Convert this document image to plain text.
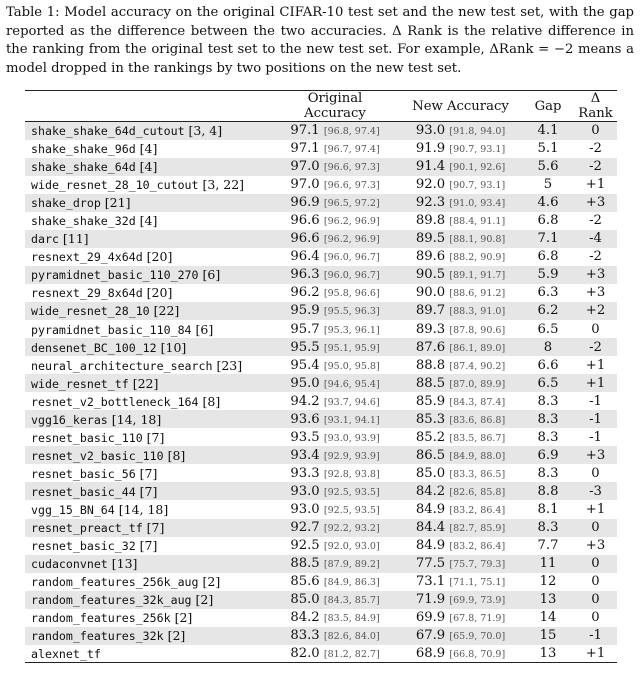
Table 1: Model accuracy on the original CIFAR-10 test set and the new test set, with the gap reported as the difference between the two accuracies. Δ Rank is the relative difference in the ranking from the original test set to the new test set. For example, ΔRank = −2 means a model dropped in the rankings by two positions on the new test set.
	Original Accuracy	New Accuracy	Gap	Δ Rank
shake_shake_64d_cutout [3, 4]	97.1 [96.8, 97.4]	93.0 [91.8, 94.0]	4.1	0
shake_shake_96d [4]	97.1 [96.7, 97.4]	91.9 [90.7, 93.1]	5.1	-2
shake_shake_64d [4]	97.0 [96.6, 97.3]	91.4 [90.1, 92.6]	5.6	-2
wide_resnet_28_10_cutout [3, 22]	97.0 [96.6, 97.3]	92.0 [90.7, 93.1]	5	+1
shake_drop [21]	96.9 [96.5, 97.2]	92.3 [91.0, 93.4]	4.6	+3
shake_shake_32d [4]	96.6 [96.2, 96.9]	89.8 [88.4, 91.1]	6.8	-2
darc [11]	96.6 [96.2, 96.9]	89.5 [88.1, 90.8]	7.1	-4
resnext_29_4x64d [20]	96.4 [96.0, 96.7]	89.6 [88.2, 90.9]	6.8	-2
pyramidnet_basic_110_270 [6]	96.3 [96.0, 96.7]	90.5 [89.1, 91.7]	5.9	+3
resnext_29_8x64d [20]	96.2 [95.8, 96.6]	90.0 [88.6, 91.2]	6.3	+3
wide_resnet_28_10 [22]	95.9 [95.5, 96.3]	89.7 [88.3, 91.0]	6.2	+2
pyramidnet_basic_110_84 [6]	95.7 [95.3, 96.1]	89.3 [87.8, 90.6]	6.5	0
densenet_BC_100_12 [10]	95.5 [95.1, 95.9]	87.6 [86.1, 89.0]	8	-2
neural_architecture_search [23]	95.4 [95.0, 95.8]	88.8 [87.4, 90.2]	6.6	+1
wide_resnet_tf [22]	95.0 [94.6, 95.4]	88.5 [87.0, 89.9]	6.5	+1
resnet_v2_bottleneck_164 [8]	94.2 [93.7, 94.6]	85.9 [84.3, 87.4]	8.3	-1
vgg16_keras [14, 18]	93.6 [93.1, 94.1]	85.3 [83.6, 86.8]	8.3	-1
resnet_basic_110 [7]	93.5 [93.0, 93.9]	85.2 [83.5, 86.7]	8.3	-1
resnet_v2_basic_110 [8]	93.4 [92.9, 93.9]	86.5 [84.9, 88.0]	6.9	+3
resnet_basic_56 [7]	93.3 [92.8, 93.8]	85.0 [83.3, 86.5]	8.3	0
resnet_basic_44 [7]	93.0 [92.5, 93.5]	84.2 [82.6, 85.8]	8.8	-3
vgg_15_BN_64 [14, 18]	93.0 [92.5, 93.5]	84.9 [83.2, 86.4]	8.1	+1
resnet_preact_tf [7]	92.7 [92.2, 93.2]	84.4 [82.7, 85.9]	8.3	0
resnet_basic_32 [7]	92.5 [92.0, 93.0]	84.9 [83.2, 86.4]	7.7	+3
cudaconvnet [13]	88.5 [87.9, 89.2]	77.5 [75.7, 79.3]	11	0
random_features_256k_aug [2]	85.6 [84.9, 86.3]	73.1 [71.1, 75.1]	12	0
random_features_32k_aug [2]	85.0 [84.3, 85.7]	71.9 [69.9, 73.9]	13	0
random_features_256k [2]	84.2 [83.5, 84.9]	69.9 [67.8, 71.9]	14	0
random_features_32k [2]	83.3 [82.6, 84.0]	67.9 [65.9, 70.0]	15	-1
alexnet_tf	82.0 [81.2, 82.7]	68.9 [66.8, 70.9]	13	+1
